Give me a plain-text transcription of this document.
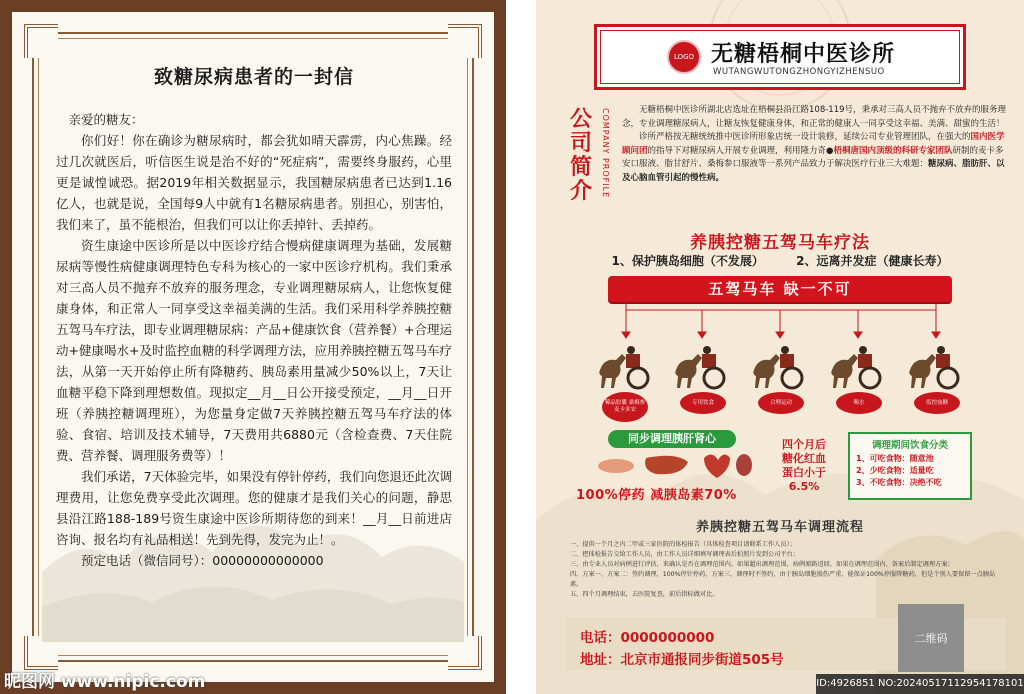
致糖尿病患者的一封信

亲爱的糖友：

你们好！你在确诊为糖尿病时，都会犹如晴天霹雳，内心焦躁。经过几次就医后，听信医生说是治不好的“死症病”，需要终身服药，心里更是诚惶诚恐。据2019年相关数据显示，我国糖尿病患者已达到1.16亿人，也就是说，全国每9人中就有1名糖尿病患者。别担心，别害怕，我们来了，虽不能根治，但我们可以让你丢掉针、丢掉药。

资生康途中医诊所是以中医诊疗结合慢病健康调理为基础，发展糖尿病等慢性病健康调理特色专科为核心的一家中医诊疗机构。我们秉承对三高人员不抛弃不放弃的服务理念，专业调理糖尿病人，让您恢复健康身体，和正常人一同享受这幸福美满的生活。我们采用科学养胰控糖五驾马车疗法，即专业调理糖尿病：产品+健康饮食（营养餐）+合理运动+健康喝水+及时监控血糖的科学调理方法，应用养胰控糖五驾马车疗法，从第一天开始停止所有降糖药、胰岛素用量减少50%以上，7天让血糖平稳下降到理想数值。现拟定__月__日公开接受预定，__月__日开班（养胰控糖调理班），为您量身定做7天养胰控糖五驾马车疗法的体验、食宿、培训及技术辅导，7天费用共6880元（含检查费、7天住院费、营养餐、调理服务费等）！

我们承诺，7天体验完毕，如果没有停针停药，我们向您退还此次调理费用，让您免费享受此次调理。您的健康才是我们关心的问题，静思县沿江路188-189号资生康途中医诊所期待您的到来！__月__日前进店咨询、报名均有礼品相送！先到先得，发完为止！。

预定电话（微信同号）：00000000000000

昵图网 www.nipic.com
LOGO 无糖梧桐中医诊所
WUTANGWUTONGZHONGYIZHENSUO
公司简介	COMPANY PROFILE	无糖梧桐中医诊所湖北店选址在梧桐县沿江路108-119号，秉承对三高人员不抛弃不放弃的服务理念，专业调理糖尿病人，让糖友恢复健康身体，和正常的健康人一同享受这幸福、美满、甜蜜的生活！

诊所严格按无糖统统推中医诊所形象店统一设计装修，延续公司专业管理团队，在强大的国内医学顾问团的指导下对糖尿病人开展专业调理，利用隆力奇●梧桐唐国内顶级的科研专家团队研制的麦卡多安口服液、脂甘舒片、桑梅参口服液等一系列产品致力于解决医疗行业三大难题：糖尿病、脂肪肝、以及心脑血管引起的慢性病。

养胰控糖五驾马车疗法
1、保护胰岛细胞（不发展）	2、远离并发症（健康长寿）
五驾马车 缺一不可
稀品胶囊 桑梅参 麦卡多安
专用饮食	合理运动	喝水	监控血糖
同步调理胰肝肾心
100%停药 减胰岛素70%
四个月后
糖化红血
蛋白小于
6.5%
调理期间饮食分类
1、可吃食物：随意池
2、少吃食物：适量吃
3、不吃食物：决绝不吃
养胰控糖五驾马车调理流程
一、提供一个月之内二甲或三家医院的体检报告（具体检查项目请联系工作人员）；
二、把体检报告交给工作人员，由工作人员详细填写调理表后拍照片发到公司平台；
三、由专业人员对病例进行评估，来确认是否在调理范围内，如果超出调理范围，病例原路返回，如果在调理范围内，备案后制定调理方案；
四、方案一、方案二：签约调理，100%停针停药，方案三，调理时不签约，由于胰岛细胞损伤严重，能保证100%停服降糖药，但是个别人要保留一点胰岛素。
五、四个月调理结束，去医院复查，前后指标做对比。
电话：0000000000
地址：北京市通报同步街道505号
二维码
ID:4926851 NO:20240517112954178101
